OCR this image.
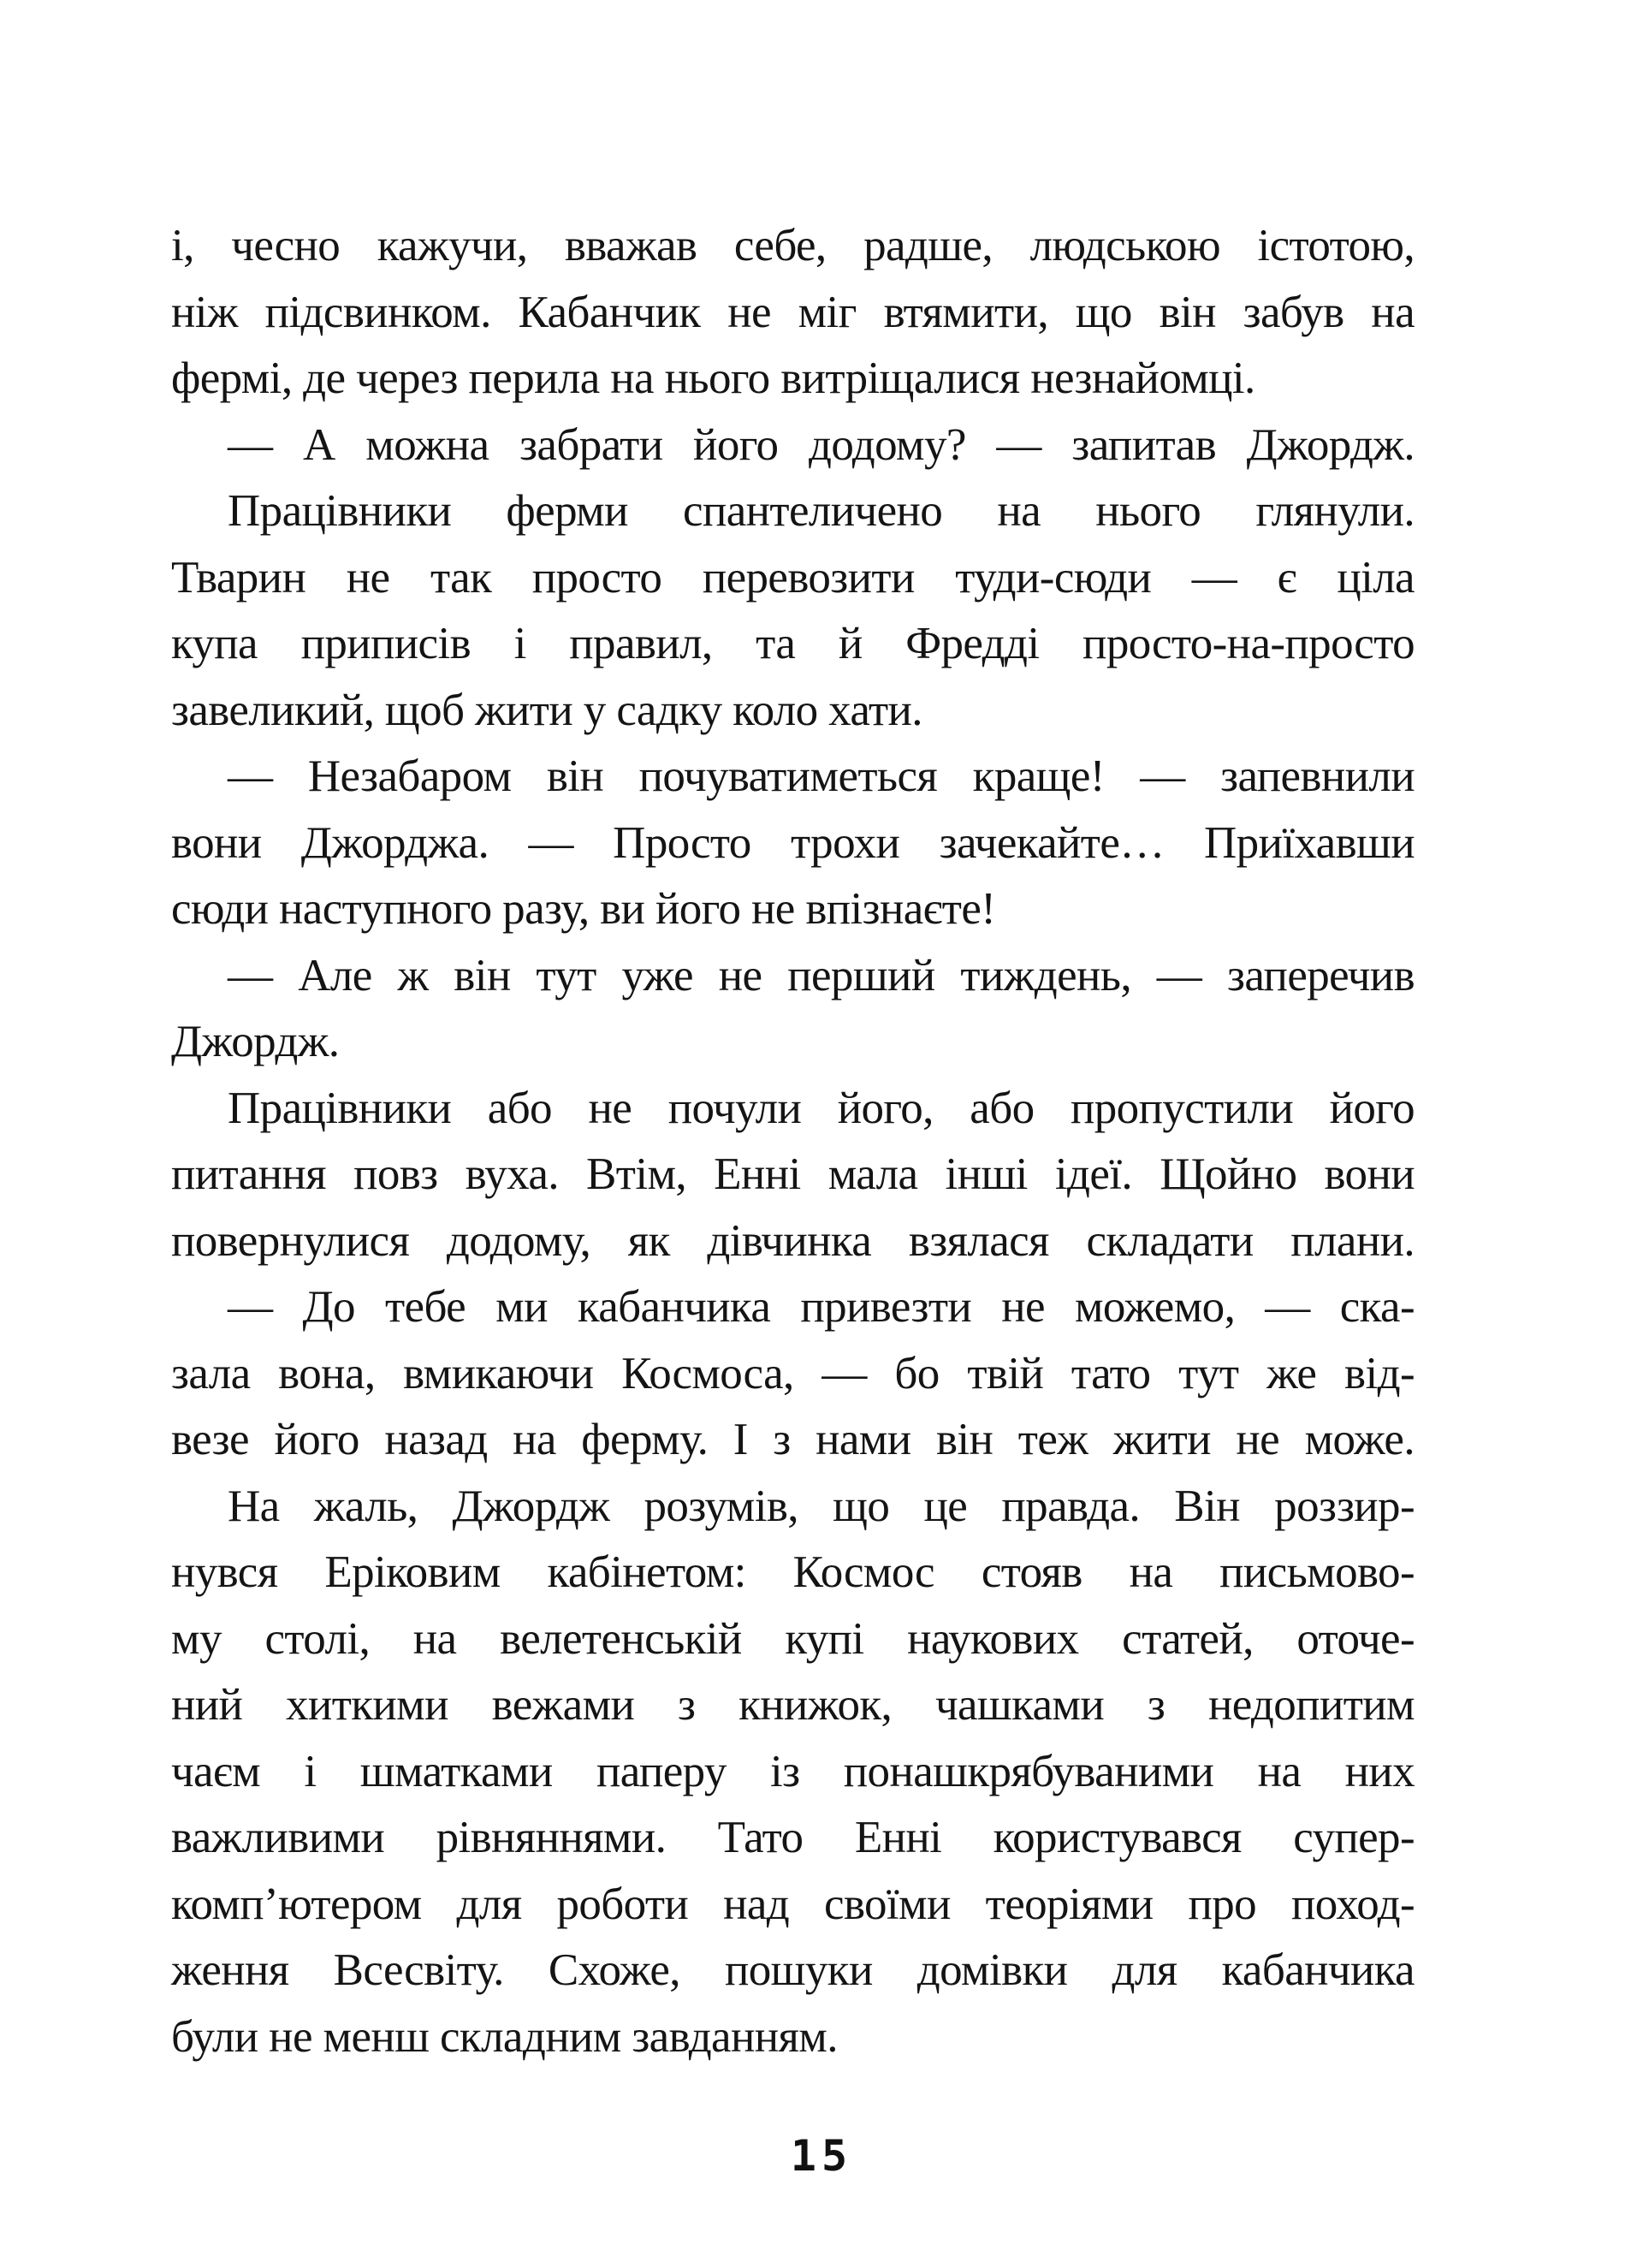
і, чесно кажучи, вважав себе, радше, людською істотою,
ніж підсвинком. Кабанчик не міг втямити, що він забув на
фермі, де через перила на нього витріщалися незнайомці.
— А можна забрати його додому? — запитав Джордж.
Працівники ферми спантеличено на нього глянули.
Тварин не так просто перевозити туди-сюди — є ціла
купа приписів і правил, та й Фредді просто-на-просто
завеликий, щоб жити у садку коло хати.
— Незабаром він почуватиметься краще! — запевнили
вони Джорджа. — Просто трохи зачекайте… Приїхавши
сюди наступного разу, ви його не впізнаєте!
— Але ж він тут уже не перший тиждень, — заперечив
Джордж.
Працівники або не почули його, або пропустили його
питання повз вуха. Втім, Енні мала інші ідеї. Щойно вони
повернулися додому, як дівчинка взялася складати плани.
— До тебе ми кабанчика привезти не можемо, — ска-
зала вона, вмикаючи Космоса, — бо твій тато тут же від-
везе його назад на ферму. І з нами він теж жити не може.
На жаль, Джордж розумів, що це правда. Він роззир-
нувся Еріковим кабінетом: Космос стояв на письмово-
му столі, на велетенській купі наукових статей, оточе-
ний хиткими вежами з книжок, чашками з недопитим
чаєм і шматками паперу із понашкрябуваними на них
важливими рівняннями. Тато Енні користувався супер-
комп’ютером для роботи над своїми теоріями про поход-
ження Всесвіту. Схоже, пошуки домівки для кабанчика
були не менш складним завданням.
15
